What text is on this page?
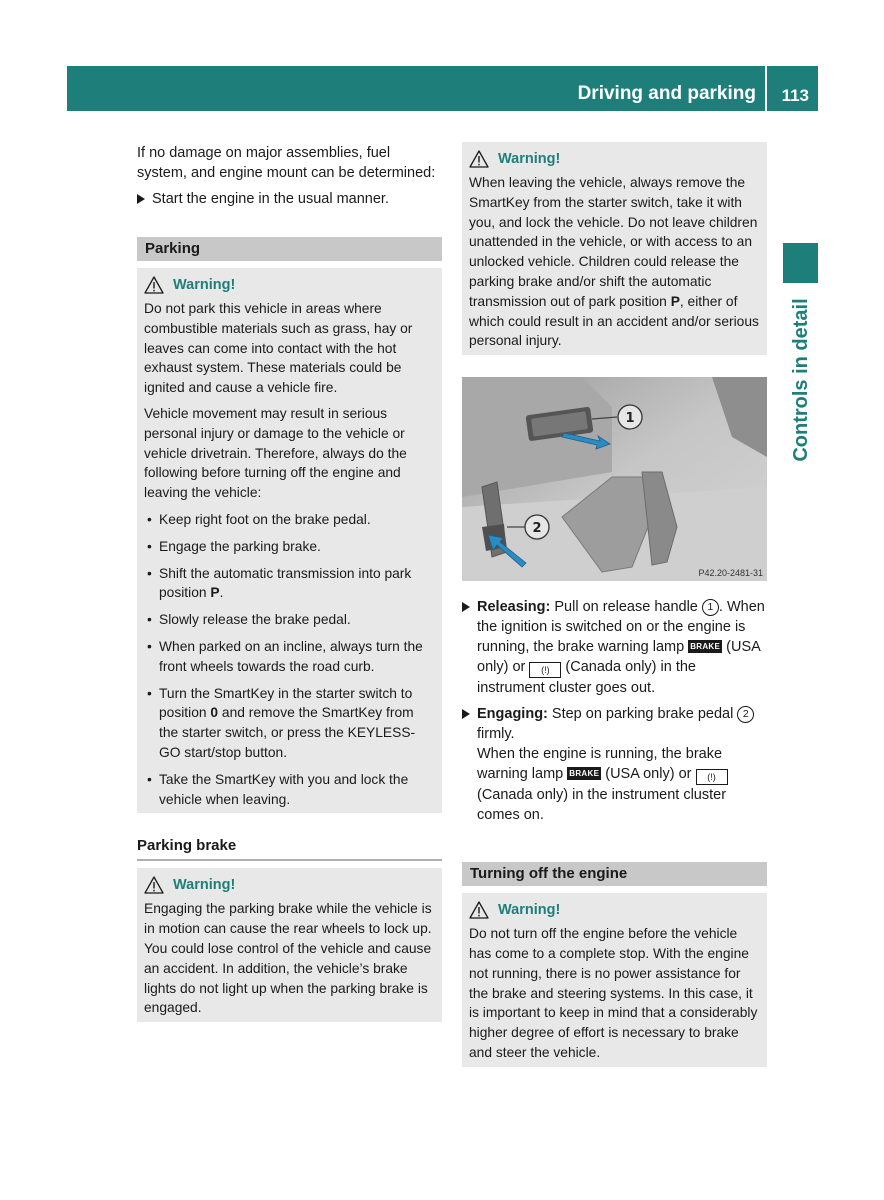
Driving and parking 113
Controls in detail

If no damage on major assemblies, fuel system, and engine mount can be determined:

Start the engine in the usual manner.
Parking
Warning!

Do not park this vehicle in areas where combustible materials such as grass, hay or leaves can come into contact with the hot exhaust system. These materials could be ignited and cause a vehicle fire.

Vehicle movement may result in serious personal injury or damage to the vehicle or vehicle drivetrain. Therefore, always do the following before turning off the engine and leaving the vehicle:

• Keep right foot on the brake pedal.
• Engage the parking brake.
• Shift the automatic transmission into park position P.
• Slowly release the brake pedal.
• When parked on an incline, always turn the front wheels towards the road curb.
• Turn the SmartKey in the starter switch to position 0 and remove the SmartKey from the starter switch, or press the KEYLESS-GO start/stop button.
• Take the SmartKey with you and lock the vehicle when leaving.
Parking brake
Warning!

Engaging the parking brake while the vehicle is in motion can cause the rear wheels to lock up. You could lose control of the vehicle and cause an accident. In addition, the vehicle’s brake lights do not light up when the parking brake is engaged.

Warning!

When leaving the vehicle, always remove the SmartKey from the starter switch, take it with you, and lock the vehicle. Do not leave children unattended in the vehicle, or with access to an unlocked vehicle. Children could release the parking brake and/or shift the automatic transmission out of park position P, either of which could result in an accident and/or serious personal injury.

1
2
P42.20-2481-31
Releasing: Pull on release handle 1 . When the ignition is switched on or the engine is running, the brake warning lamp BRAKE (USA only) or (!) (Canada only) in the instrument cluster goes out.
Engaging: Step on parking brake pedal 2 firmly.
When the engine is running, the brake warning lamp BRAKE (USA only) or (!) (Canada only) in the instrument cluster comes on.
Turning off the engine
Warning!

Do not turn off the engine before the vehicle has come to a complete stop. With the engine not running, there is no power assistance for the brake and steering systems. In this case, it is important to keep in mind that a considerably higher degree of effort is necessary to brake and steer the vehicle.
